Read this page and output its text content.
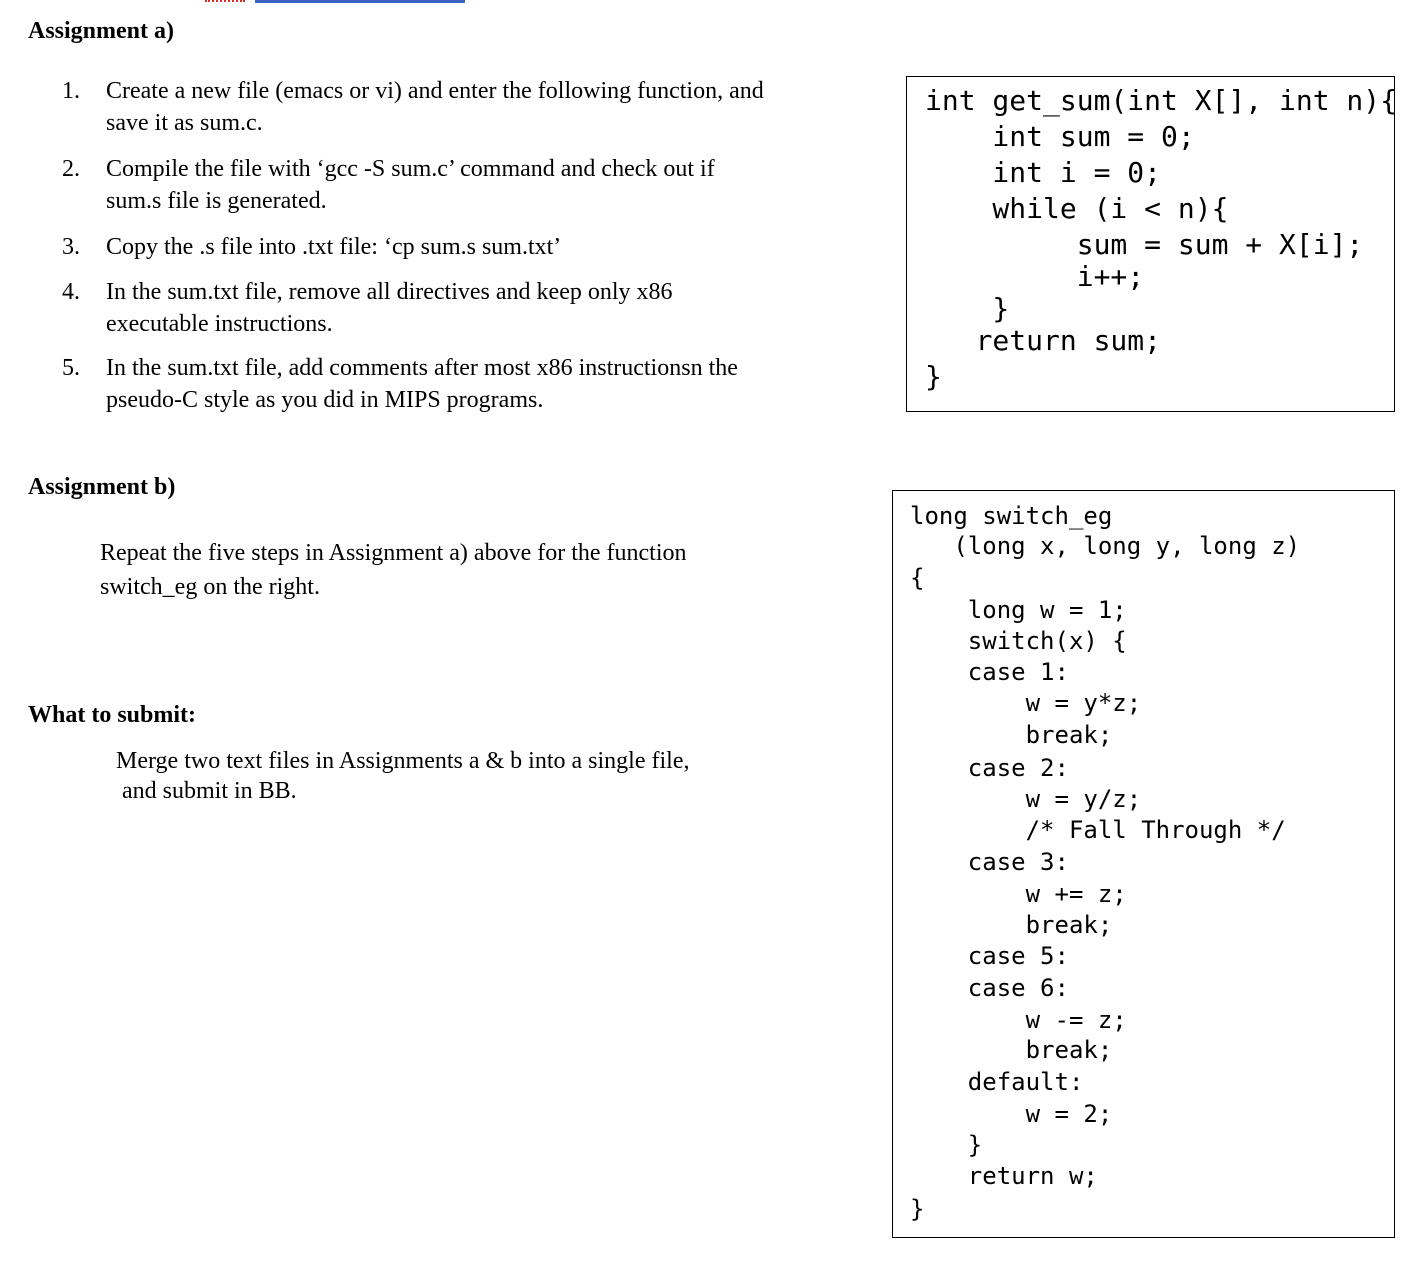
Assignment a)
1. Create a new file (emacs or vi) and enter the following function, and
save it as sum.c.
2. Compile the file with ‘gcc -S sum.c’ command and check out if
sum.s file is generated.
3. Copy the .s file into .txt file: ‘cp sum.s sum.txt’
4. In the sum.txt file, remove all directives and keep only x86
executable instructions.
5. In the sum.txt file, add comments after most x86 instructionsn the
pseudo-C style as you did in MIPS programs.
int get_sum(int X[], int n){
int sum = 0;
int i = 0;
while (i < n){
sum = sum + X[i];
i++;
}
return sum;
}
Assignment b)
Repeat the five steps in Assignment a) above for the function
switch_eg on the right.
What to submit:
Merge two text files in Assignments a & b into a single file,
and submit in BB.
long switch_eg
(long x, long y, long z)
{
long w = 1;
switch(x) {
case 1:
w = y*z;
break;
case 2:
w = y/z;
/* Fall Through */
case 3:
w += z;
break;
case 5:
case 6:
w -= z;
break;
default:
w = 2;
}
return w;
}
